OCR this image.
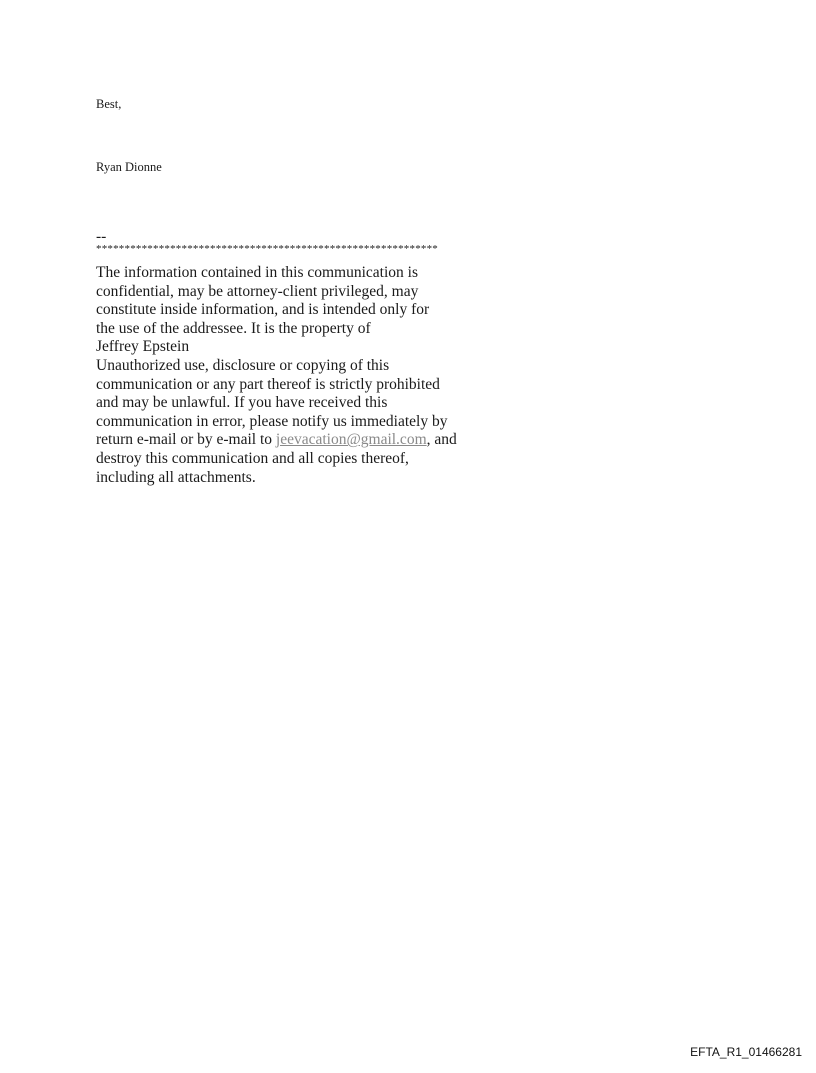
Best,
Ryan Dionne
--
************************************************************
The information contained in this communication is
confidential, may be attorney-client privileged, may
constitute inside information, and is intended only for
the use of the addressee. It is the property of
Jeffrey Epstein
Unauthorized use, disclosure or copying of this
communication or any part thereof is strictly prohibited
and may be unlawful. If you have received this
communication in error, please notify us immediately by
return e-mail or by e-mail to jeevacation@gmail.com, and
destroy this communication and all copies thereof,
including all attachments.
EFTA_R1_01466281
